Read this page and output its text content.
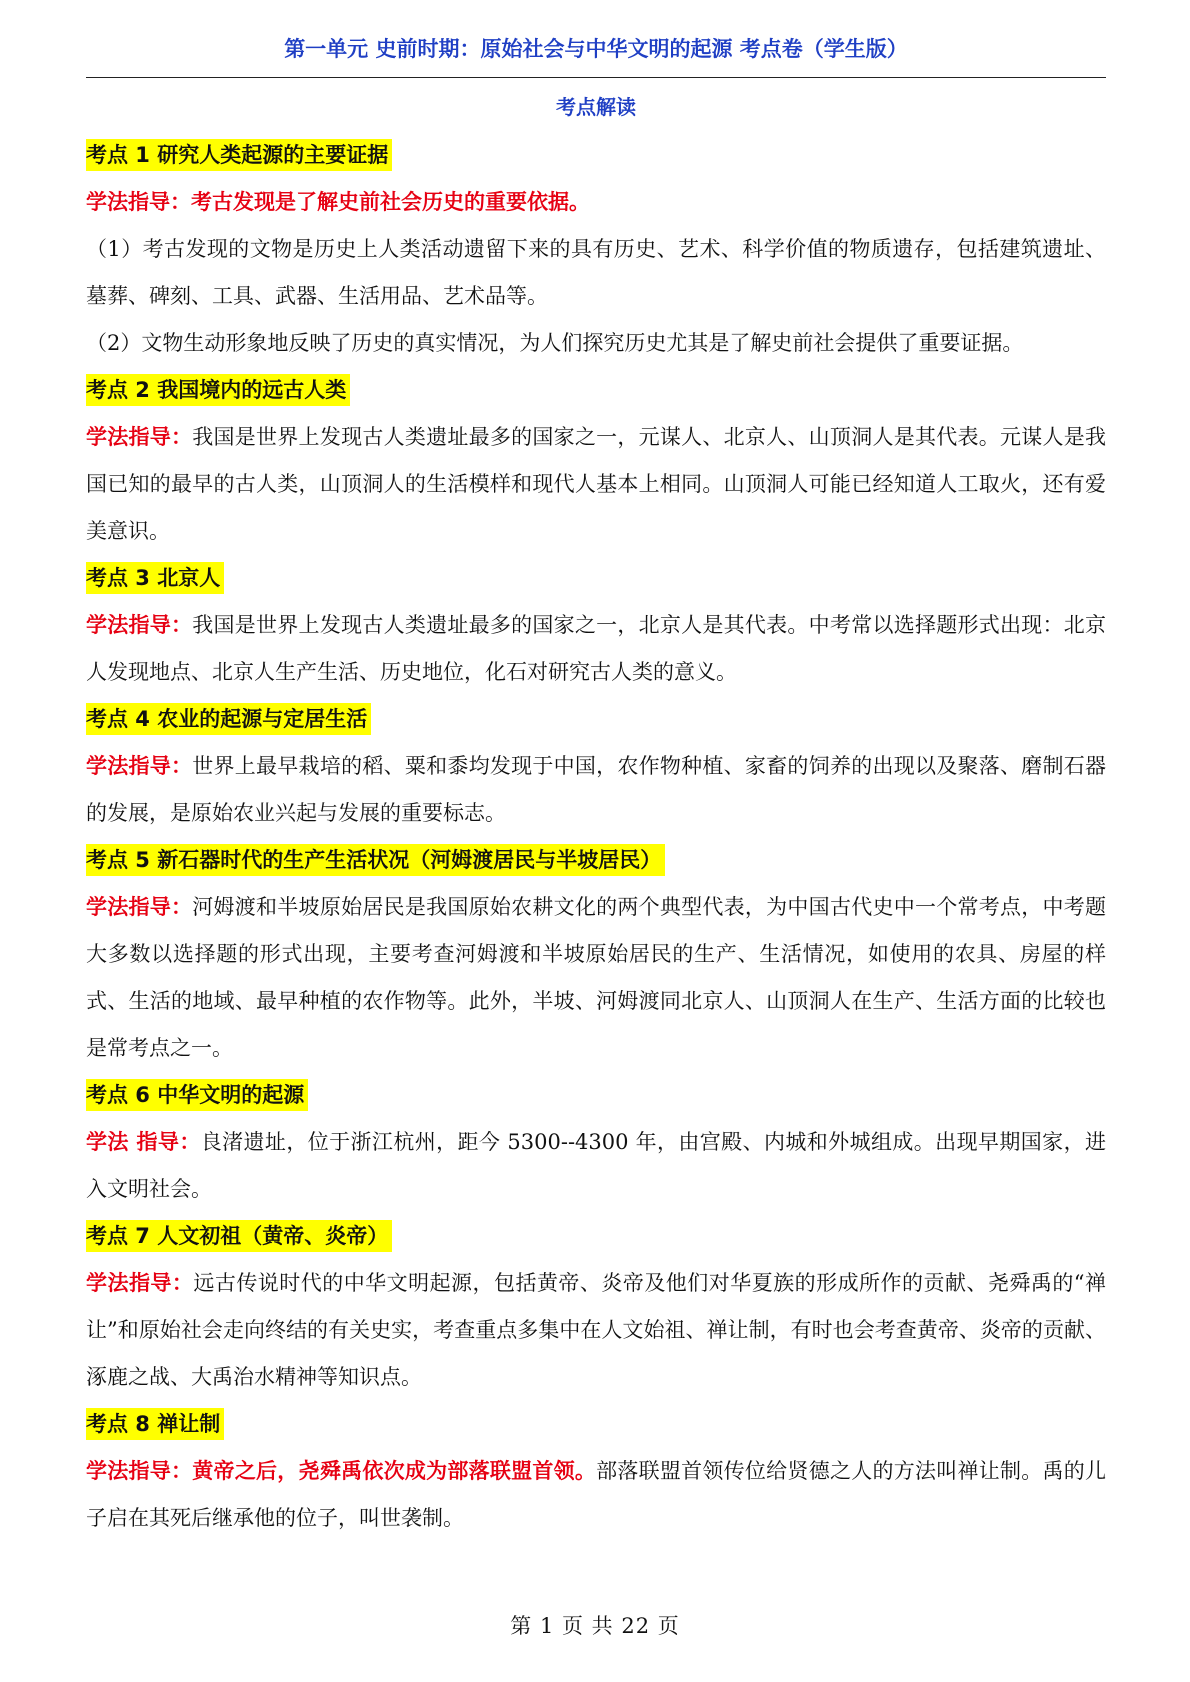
第一单元 史前时期：原始社会与中华文明的起源 考点卷（学生版）
考点解读
考点 1 研究人类起源的主要证据

学法指导：考古发现是了解史前社会历史的重要依据。

（1）考古发现的文物是历史上人类活动遗留下来的具有历史、艺术、科学价值的物质遗存，包括建筑遗址、墓葬、碑刻、工具、武器、生活用品、艺术品等。

（2）文物生动形象地反映了历史的真实情况，为人们探究历史尤其是了解史前社会提供了重要证据。

考点 2 我国境内的远古人类

学法指导：我国是世界上发现古人类遗址最多的国家之一，元谋人、北京人、山顶洞人是其代表。元谋人是我国已知的最早的古人类，山顶洞人的生活模样和现代人基本上相同。山顶洞人可能已经知道人工取火，还有爱美意识。

考点 3 北京人

学法指导：我国是世界上发现古人类遗址最多的国家之一，北京人是其代表。中考常以选择题形式出现：北京人发现地点、北京人生产生活、历史地位，化石对研究古人类的意义。

考点 4 农业的起源与定居生活

学法指导：世界上最早栽培的稻、粟和黍均发现于中国，农作物种植、家畜的饲养的出现以及聚落、磨制石器的发展，是原始农业兴起与发展的重要标志。

考点 5 新石器时代的生产生活状况（河姆渡居民与半坡居民）

学法指导：河姆渡和半坡原始居民是我国原始农耕文化的两个典型代表，为中国古代史中一个常考点，中考题大多数以选择题的形式出现，主要考查河姆渡和半坡原始居民的生产、生活情况，如使用的农具、房屋的样式、生活的地域、最早种植的农作物等。此外，半坡、河姆渡同北京人、山顶洞人在生产、生活方面的比较也是常考点之一。

考点 6 中华文明的起源

学法 指导：良渚遗址，位于浙江杭州，距今 5300--4300 年，由宫殿、内城和外城组成。出现早期国家，进入文明社会。

考点 7 人文初祖（黄帝、炎帝）

学法指导：远古传说时代的中华文明起源，包括黄帝、炎帝及他们对华夏族的形成所作的贡献、尧舜禹的“禅让”和原始社会走向终结的有关史实，考查重点多集中在人文始祖、禅让制，有时也会考查黄帝、炎帝的贡献、涿鹿之战、大禹治水精神等知识点。

考点 8 禅让制

学法指导：黄帝之后，尧舜禹依次成为部落联盟首领。部落联盟首领传位给贤德之人的方法叫禅让制。禹的儿子启在其死后继承他的位子，叫世袭制。

第 1 页 共 22 页
